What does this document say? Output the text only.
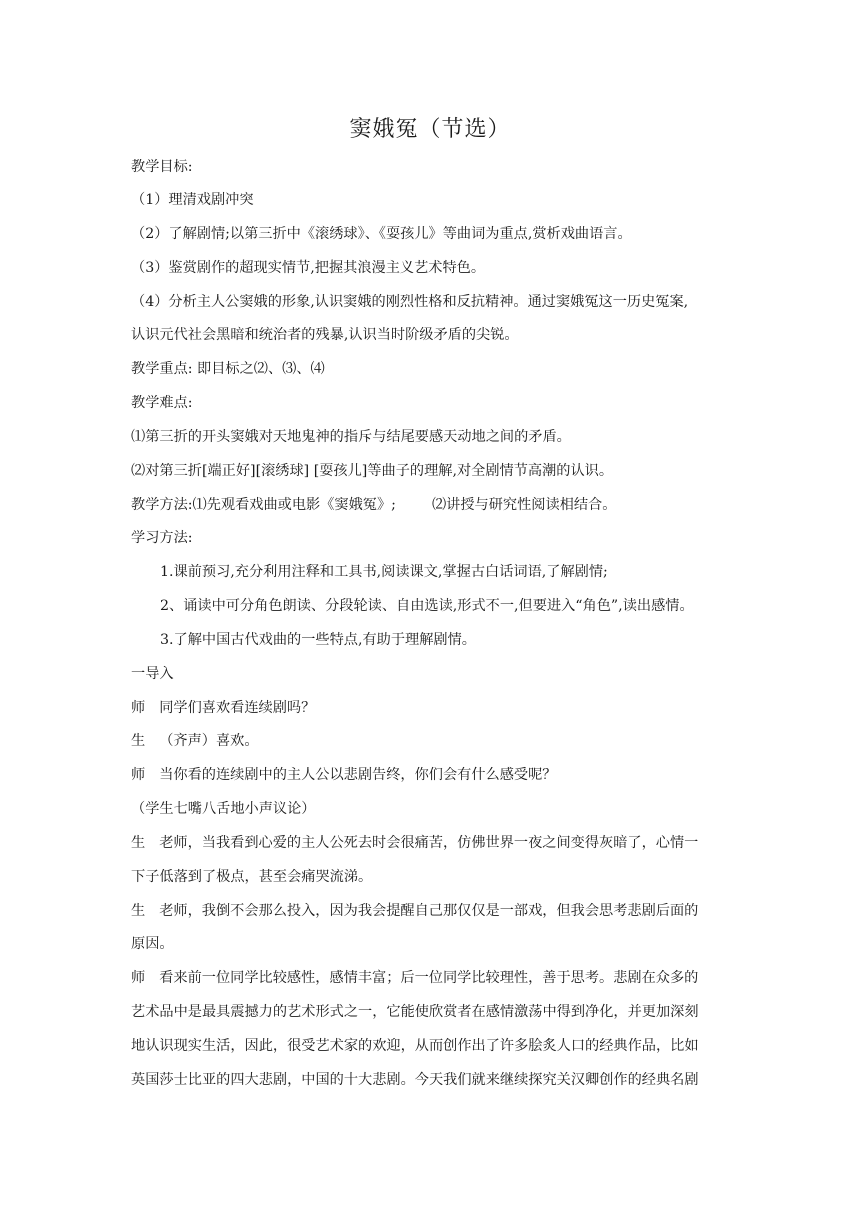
窦娥冤（节选）
教学目标:
（1）理清戏剧冲突
（2）了解剧情;以第三折中《滚绣球》、《耍孩儿》等曲词为重点,赏析戏曲语言。
（3）鉴赏剧作的超现实情节,把握其浪漫主义艺术特色。
（4）分析主人公窦娥的形象,认识窦娥的刚烈性格和反抗精神。通过窦娥冤这一历史冤案,
认识元代社会黑暗和统治者的残暴,认识当时阶级矛盾的尖锐。
教学重点: 即目标之⑵、⑶、⑷
教学难点:
⑴第三折的开头窦娥对天地鬼神的指斥与结尾要感天动地之间的矛盾。
⑵对第三折[端正好][滚绣球] [耍孩儿]等曲子的理解,对全剧情节高潮的认识。
教学方法:⑴先观看戏曲或电影《窦娥冤》;	⑵讲授与研究性阅读相结合。
学习方法:
1.课前预习,充分利用注释和工具书,阅读课文,掌握古白话词语,了解剧情;
2、诵读中可分角色朗读、分段轮读、自由选读,形式不一,但要进入“角色”,读出感情。
3.了解中国古代戏曲的一些特点,有助于理解剧情。
一导入
师 同学们喜欢看连续剧吗？
生 （齐声）喜欢。
师 当你看的连续剧中的主人公以悲剧告终，你们会有什么感受呢？
（学生七嘴八舌地小声议论）
生 老师，当我看到心爱的主人公死去时会很痛苦，仿佛世界一夜之间变得灰暗了，心情一
下子低落到了极点，甚至会痛哭流涕。
生 老师，我倒不会那么投入，因为我会提醒自己那仅仅是一部戏，但我会思考悲剧后面的
原因。
师 看来前一位同学比较感性，感情丰富；后一位同学比较理性，善于思考。悲剧在众多的
艺术品中是最具震撼力的艺术形式之一，它能使欣赏者在感情激荡中得到净化，并更加深刻
地认识现实生活，因此，很受艺术家的欢迎，从而创作出了许多脍炙人口的经典作品，比如
英国莎士比亚的四大悲剧，中国的十大悲剧。今天我们就来继续探究关汉卿创作的经典名剧
